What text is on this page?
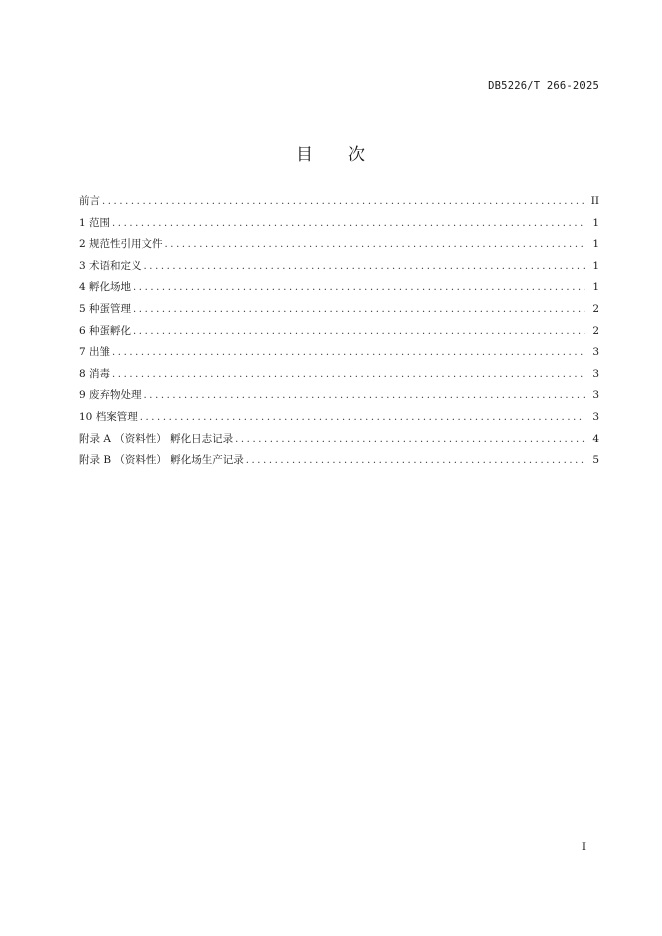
DB5226/T 266-2025
目 次
前言 .....	II
1 范围 .....	1
2 规范性引用文件 .....	1
3 术语和定义 .....	1
4 孵化场地 .....	1
5 种蛋管理 .....	2
6 种蛋孵化 .....	2
7 出雏 .....	3
8 消毒 .....	3
9 废弃物处理 .....	3
10 档案管理 .....	3
附录 A （资料性） 孵化日志记录 .....	4
附录 B （资料性） 孵化场生产记录 .....	5
I
